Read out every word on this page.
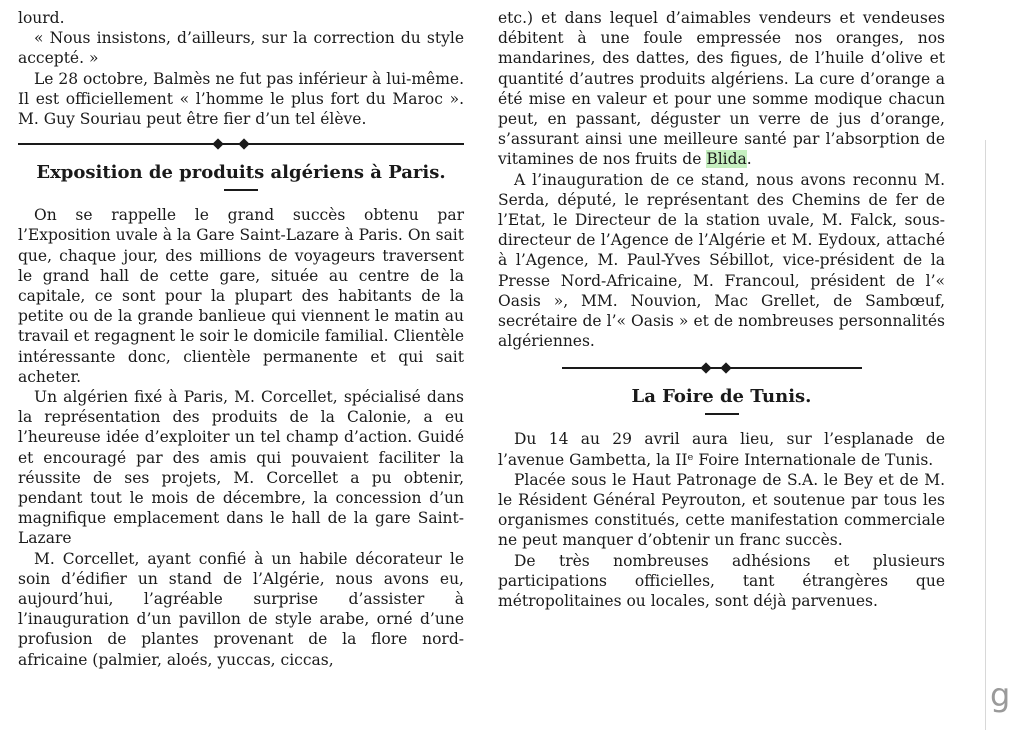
lourd.

« Nous insistons, d’ailleurs, sur la correction du style accepté. »

Le 28 octobre, Balmès ne fut pas inférieur à lui-même. Il est officiellement « l’homme le plus fort du Maroc ». M. Guy Souriau peut être fier d’un tel élève.

Exposition de produits algériens à Paris.

On se rappelle le grand succès obtenu par l’Exposition uvale à la Gare Saint-Lazare à Paris. On sait que, chaque jour, des millions de voyageurs traversent le grand hall de cette gare, située au centre de la capitale, ce sont pour la plupart des habitants de la petite ou de la grande banlieue qui viennent le matin au travail et regagnent le soir le domicile familial. Clientèle intéressante donc, clientèle permanente et qui sait acheter.

Un algérien fixé à Paris, M. Corcellet, spécialisé dans la représentation des produits de la Calonie, a eu l’heureuse idée d’exploiter un tel champ d’action. Guidé et encouragé par des amis qui pouvaient faciliter la réussite de ses projets, M. Corcellet a pu obtenir, pendant tout le mois de décembre, la concession d’un magnifique emplacement dans le hall de la gare Saint-Lazare

M. Corcellet, ayant confié à un habile décorateur le soin d’édifier un stand de l’Algérie, nous avons eu, aujourd’hui, l’agréable surprise d’assister à l’inauguration d’un pavillon de style arabe, orné d’une profusion de plantes provenant de la flore nord-africaine (palmier, aloés, yuccas, ciccas,

etc.) et dans lequel d’aimables vendeurs et vendeuses débitent à une foule empressée nos oranges, nos mandarines, des dattes, des figues, de l’huile d’olive et quantité d’autres produits algériens. La cure d’orange a été mise en valeur et pour une somme modique chacun peut, en passant, déguster un verre de jus d’orange, s’assurant ainsi une meilleure santé par l’absorption de vitamines de nos fruits de Blida.

A l’inauguration de ce stand, nous avons reconnu M. Serda, député, le représentant des Chemins de fer de l’Etat, le Directeur de la station uvale, M. Falck, sous-directeur de l’Agence de l’Algérie et M. Eydoux, attaché à l’Agence, M. Paul-Yves Sébillot, vice-président de la Presse Nord-Africaine, M. Francoul, président de l’« Oasis », MM. Nouvion, Mac Grellet, de Sambœuf, secrétaire de l’« Oasis » et de nombreuses personnalités algériennes.

La Foire de Tunis.

Du 14 au 29 avril aura lieu, sur l’esplanade de l’avenue Gambetta, la IIᵉ Foire Internationale de Tunis.

Placée sous le Haut Patronage de S.A. le Bey et de M. le Résident Général Peyrouton, et soutenue par tous les organismes constitués, cette manifestation commerciale ne peut manquer d’obtenir un franc succès.

De très nombreuses adhésions et plusieurs participations officielles, tant étrangères que métropolitaines ou locales, sont déjà parvenues.

g
